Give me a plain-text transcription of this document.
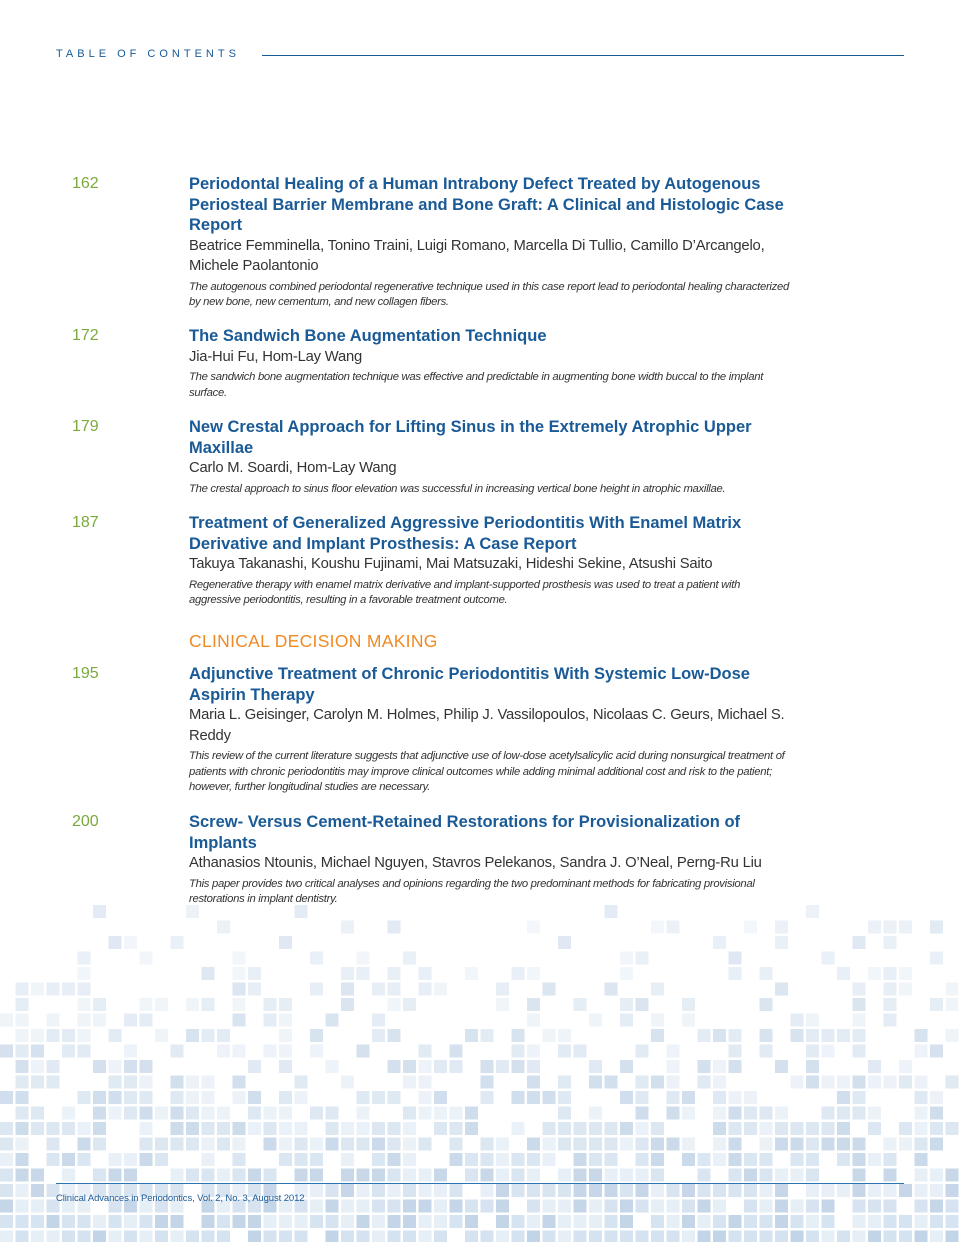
TABLE OF CONTENTS
162	Periodontal Healing of a Human Intrabony Defect Treated by Autogenous Periosteal Barrier Membrane and Bone Graft: A Clinical and Histologic Case Report

Beatrice Femminella, Tonino Traini, Luigi Romano, Marcella Di Tullio, Camillo D’Arcangelo, Michele Paolantonio

The autogenous combined periodontal regenerative technique used in this case report lead to periodontal healing characterized by new bone, new cementum, and new collagen fibers.

172	The Sandwich Bone Augmentation Technique

Jia-Hui Fu, Hom-Lay Wang

The sandwich bone augmentation technique was effective and predictable in augmenting bone width buccal to the implant surface.

179	New Crestal Approach for Lifting Sinus in the Extremely Atrophic Upper Maxillae

Carlo M. Soardi, Hom-Lay Wang

The crestal approach to sinus floor elevation was successful in increasing vertical bone height in atrophic maxillae.

187	Treatment of Generalized Aggressive Periodontitis With Enamel Matrix Derivative and Implant Prosthesis: A Case Report

Takuya Takanashi, Koushu Fujinami, Mai Matsuzaki, Hideshi Sekine, Atsushi Saito

Regenerative therapy with enamel matrix derivative and implant-supported prosthesis was used to treat a patient with aggressive periodontitis, resulting in a favorable treatment outcome.

CLINICAL DECISION MAKING
195	Adjunctive Treatment of Chronic Periodontitis With Systemic Low-Dose Aspirin Therapy

Maria L. Geisinger, Carolyn M. Holmes, Philip J. Vassilopoulos, Nicolaas C. Geurs, Michael S. Reddy

This review of the current literature suggests that adjunctive use of low-dose acetylsalicylic acid during nonsurgical treatment of patients with chronic periodontitis may improve clinical outcomes while adding minimal additional cost and risk to the patient; however, further longitudinal studies are necessary.

200	Screw- Versus Cement-Retained Restorations for Provisionalization of Implants

Athanasios Ntounis, Michael Nguyen, Stavros Pelekanos, Sandra J. O’Neal, Perng-Ru Liu

This paper provides two critical analyses and opinions regarding the two predominant methods for fabricating provisional restorations in implant dentistry.

Clinical Advances in Periodontics, Vol. 2, No. 3, August 2012
